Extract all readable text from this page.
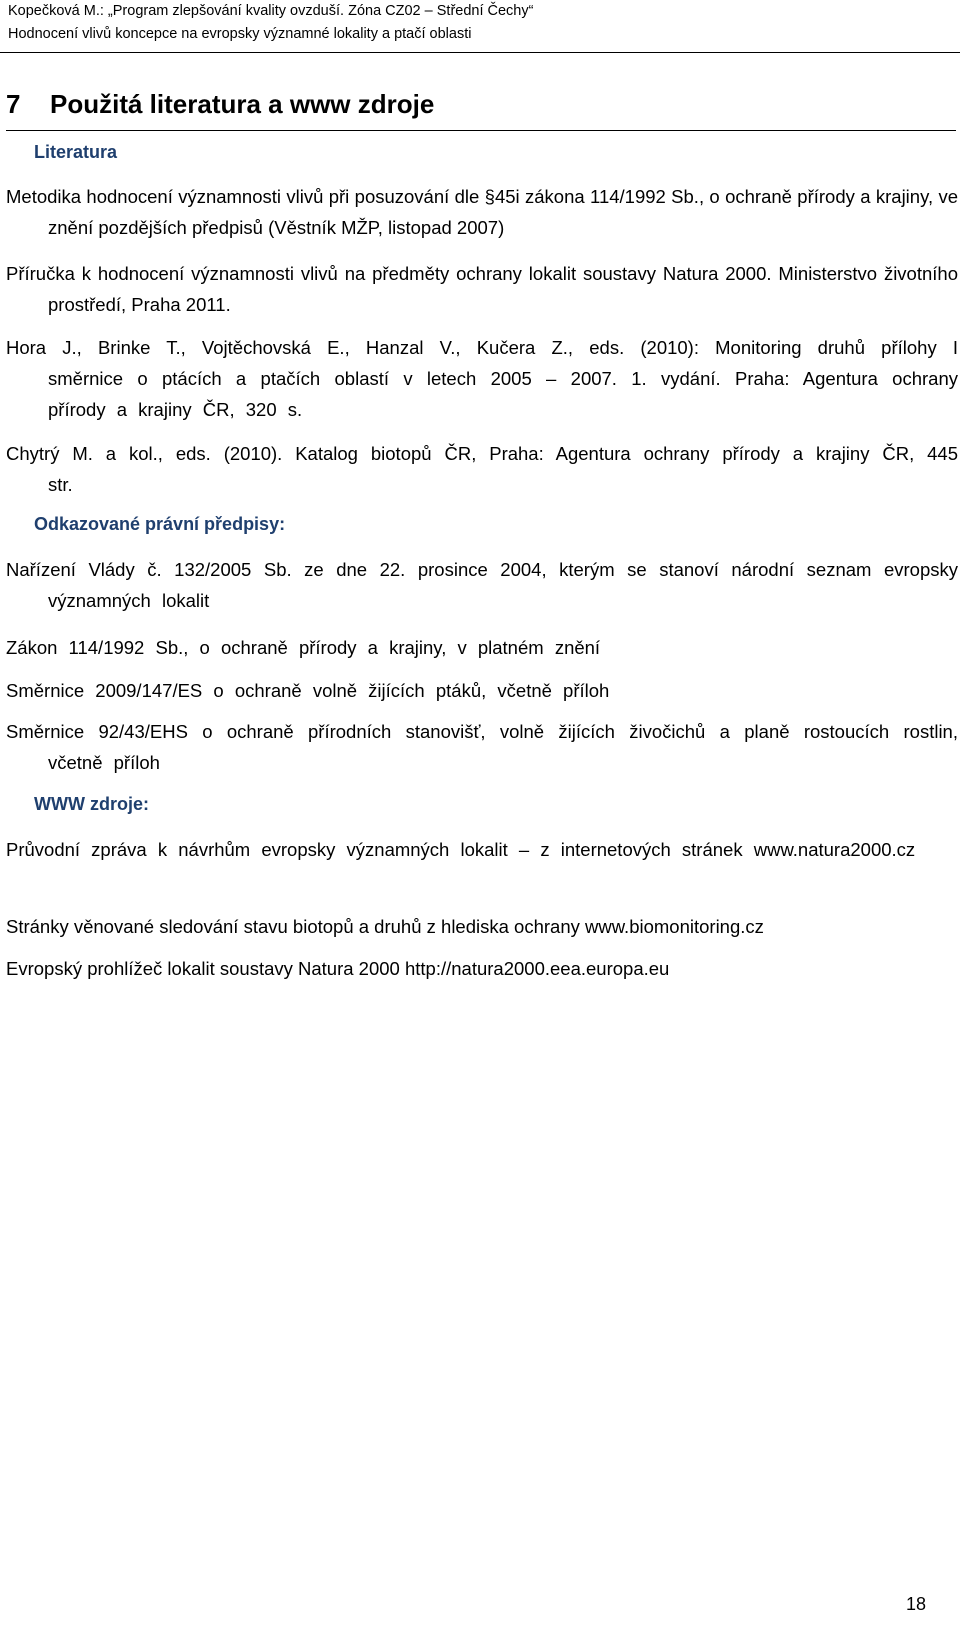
Kopečková M.: „Program zlepšování kvality ovzduší. Zóna CZ02 – Střední Čechy“
Hodnocení vlivů koncepce na evropsky významné lokality a ptačí oblasti
7 Použitá literatura a www zdroje
Literatura
Metodika hodnocení významnosti vlivů při posuzování dle §45i zákona 114/1992 Sb., o ochraně přírody a krajiny, ve znění pozdějších předpisů (Věstník MŽP, listopad 2007)
Příručka k hodnocení významnosti vlivů na předměty ochrany lokalit soustavy Natura 2000. Ministerstvo životního prostředí, Praha 2011.
Hora J., Brinke T., Vojtěchovská E., Hanzal V., Kučera Z., eds. (2010): Monitoring druhů přílohy I směrnice o ptácích a ptačích oblastí v letech 2005 – 2007. 1. vydání. Praha: Agentura ochrany přírody a krajiny ČR, 320 s.
Chytrý M. a kol., eds. (2010). Katalog biotopů ČR, Praha: Agentura ochrany přírody a krajiny ČR, 445 str.
Odkazované právní předpisy:
Nařízení Vlády č. 132/2005 Sb. ze dne 22. prosince 2004, kterým se stanoví národní seznam evropsky významných lokalit
Zákon 114/1992 Sb., o ochraně přírody a krajiny, v platném znění
Směrnice 2009/147/ES o ochraně volně žijících ptáků, včetně příloh
Směrnice 92/43/EHS o ochraně přírodních stanovišť, volně žijících živočichů a planě rostoucích rostlin, včetně příloh
WWW zdroje:
Průvodní zpráva k návrhům evropsky významných lokalit – z internetových stránek www.natura2000.cz
Stránky věnované sledování stavu biotopů a druhů z hlediska ochrany www.biomonitoring.cz
Evropský prohlížeč lokalit soustavy Natura 2000 http://natura2000.eea.europa.eu
18
